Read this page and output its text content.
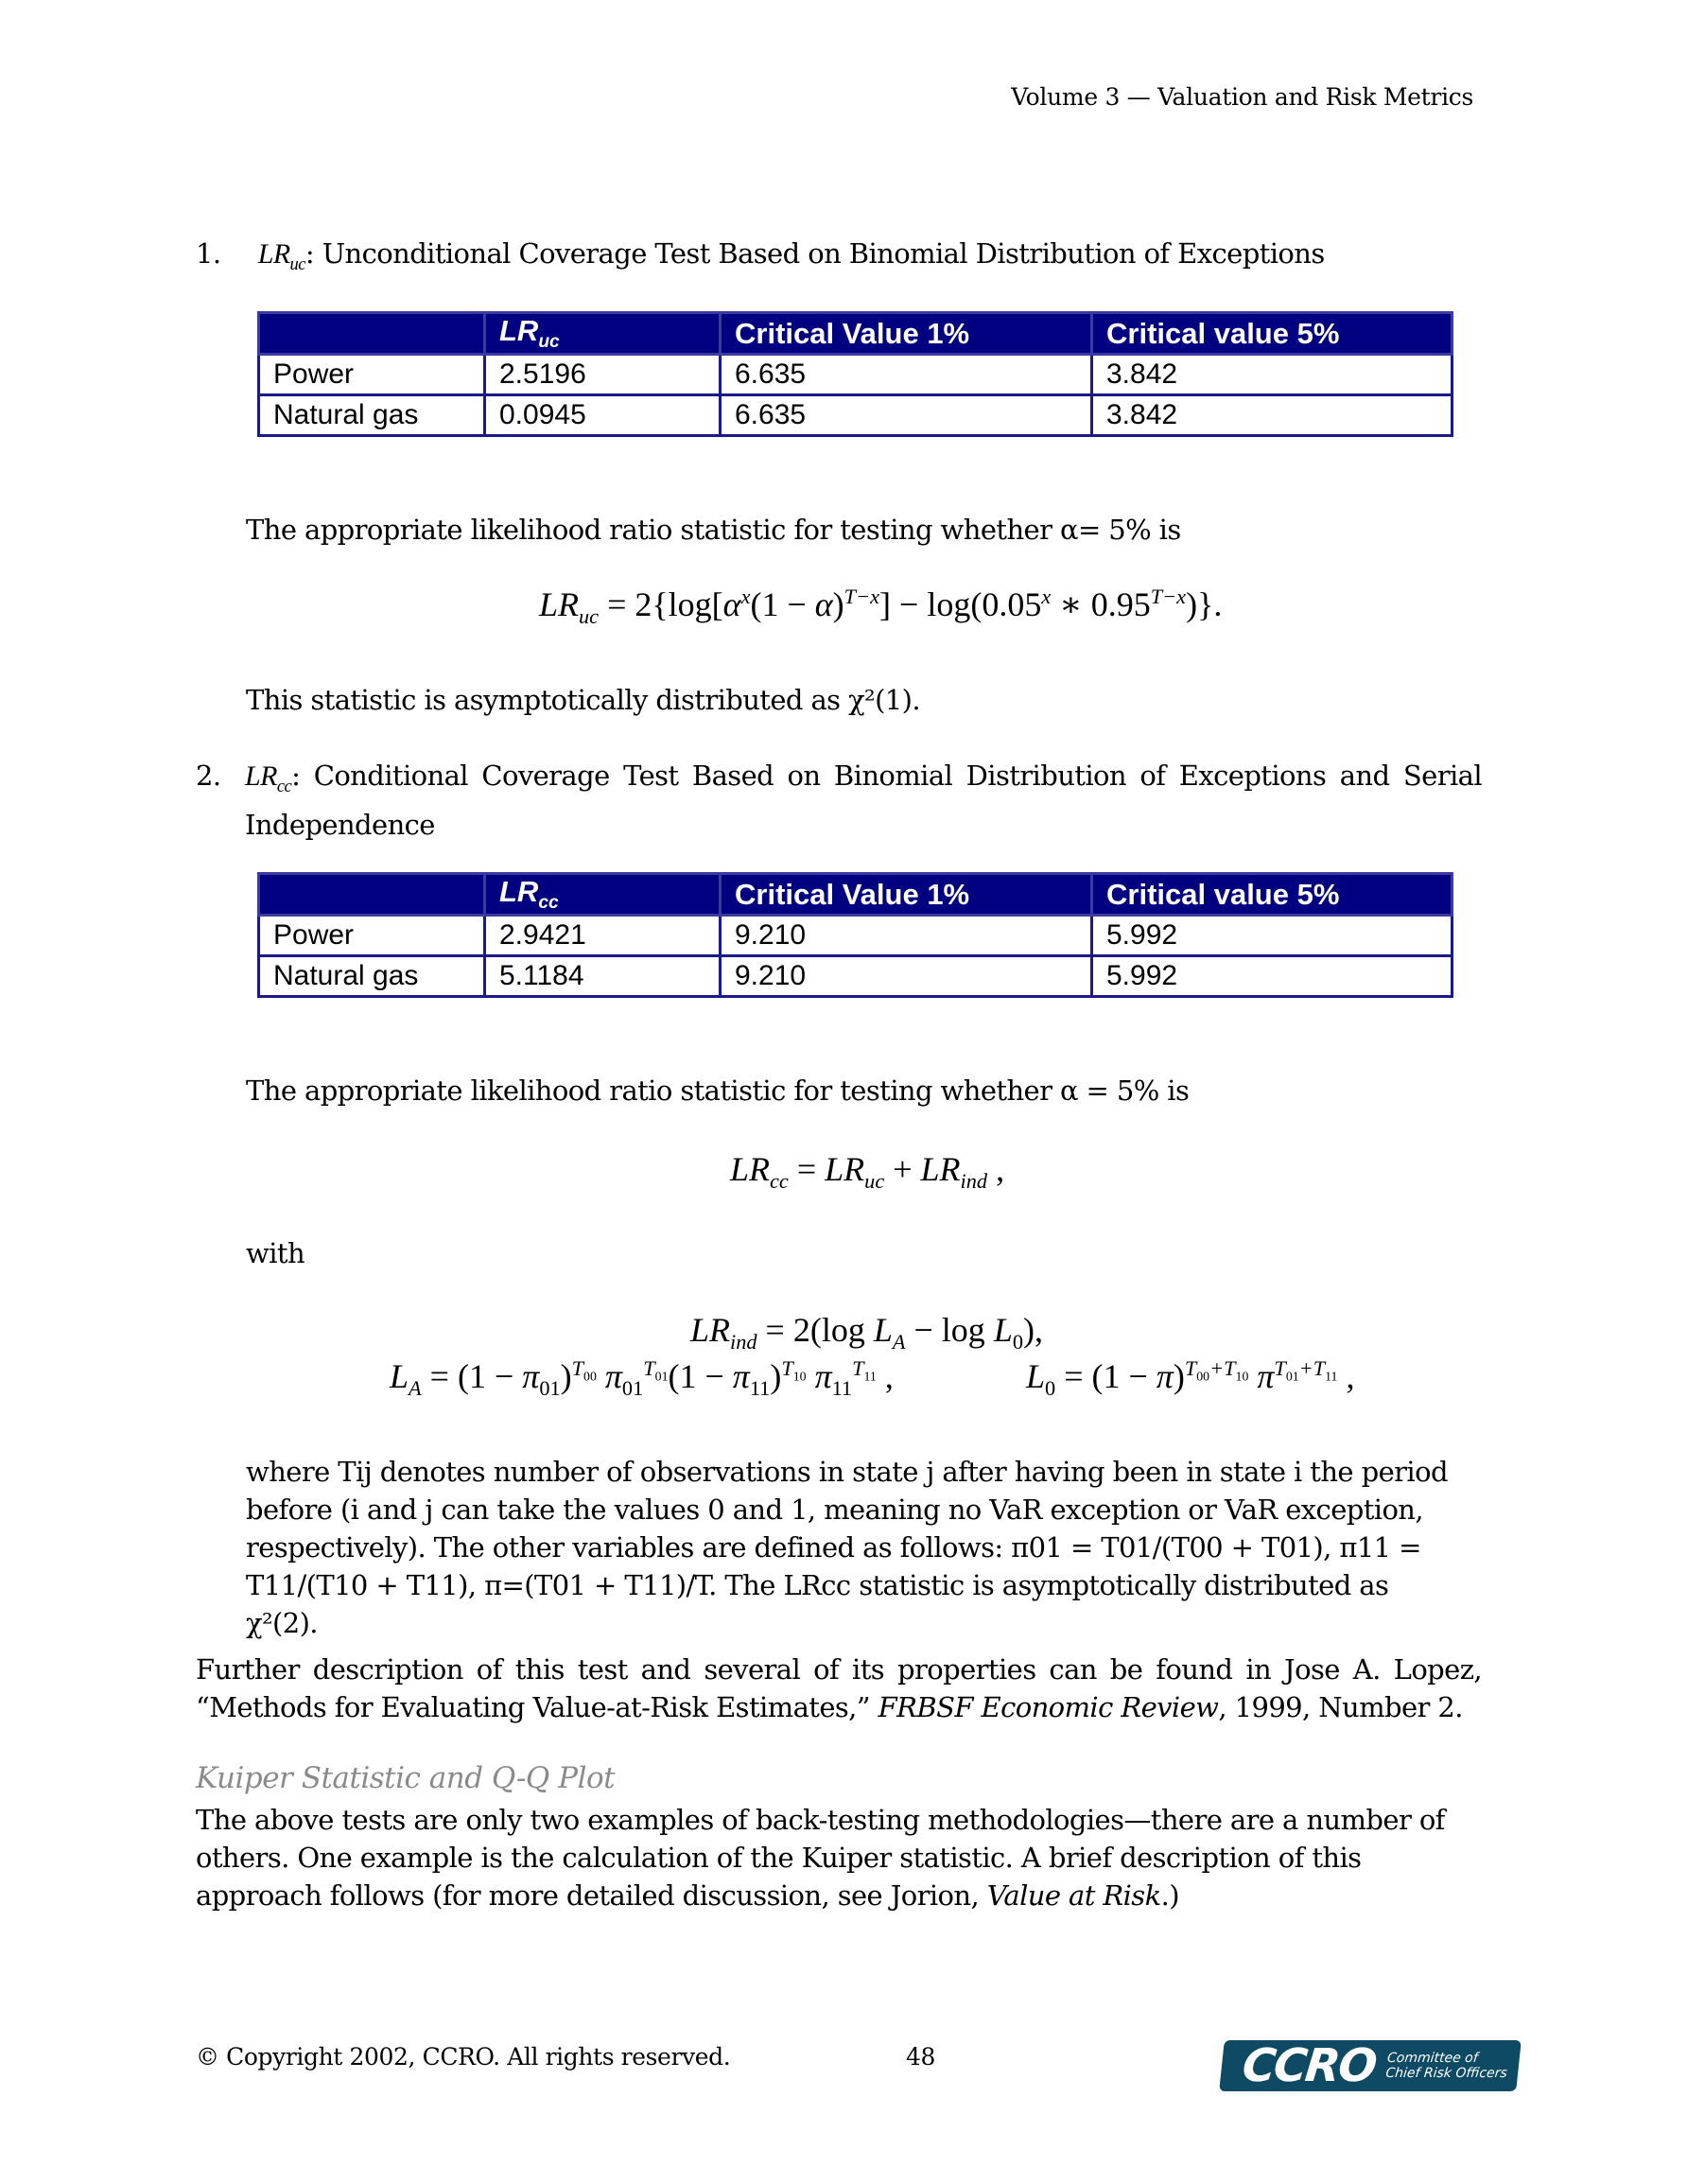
Volume 3 — Valuation and Risk Metrics
1. $LR_{uc}$: Unconditional Coverage Test Based on Binomial Distribution of Exceptions
	$LR_{uc}$	Critical Value 1%	Critical value 5%
Power	2.5196	6.635	3.842
Natural gas	0.0945	6.635	3.842
The appropriate likelihood ratio statistic for testing whether α= 5% is
$LR_{uc} = 2\{\log[\alpha^x(1 - \alpha)^{T-x}] - \log(0.05^x$ ∗ $0.95^{T-x}$)}.
This statistic is asymptotically distributed as χ²(1).
2. $LR_{cc}$: Conditional Coverage Test Based on Binomial Distribution of Exceptions and Serial Independence
	$LR_{cc}$	Critical Value 1%	Critical value 5%
Power	2.9421	9.210	5.992
Natural gas	5.1184	9.210	5.992
The appropriate likelihood ratio statistic for testing whether α = 5% is
$LR_{cc} = LR_{uc} + LR_{ind}$ ,
with
$LR_{ind} = 2(\log$ $L_A - \log L_0$),
$L_A = (1 - \pi_{01})^{T_{00}}$ $\pi_{01}^{T_{01}}(1 - \pi_{11})^{T_{10}}$ $\pi_{11}^{T_{11}}$ ,	$L_0 = (1 - \pi)^{T_{00}+T_{10}}$ $\pi^{T_{01}+T_{11}}$ ,
where Tij denotes number of observations in state j after having been in state i the period before (i and j can take the values 0 and 1, meaning no VaR exception or VaR exception, respectively). The other variables are defined as follows: π01 = T01/(T00 + T01), π11 = T11/(T10 + T11), π=(T01 + T11)/T. The LRcc statistic is asymptotically distributed as χ²(2).
Further description of this test and several of its properties can be found in Jose A. Lopez, “Methods for Evaluating Value-at-Risk Estimates,” FRBSF Economic Review, 1999, Number 2.
Kuiper Statistic and Q-Q Plot
The above tests are only two examples of back-testing methodologies—there are a number of others. One example is the calculation of the Kuiper statistic. A brief description of this approach follows (for more detailed discussion, see Jorion, Value at Risk.)
© Copyright 2002, CCRO. All rights reserved.	48	CCRO Committee of
Chief Risk Officers
